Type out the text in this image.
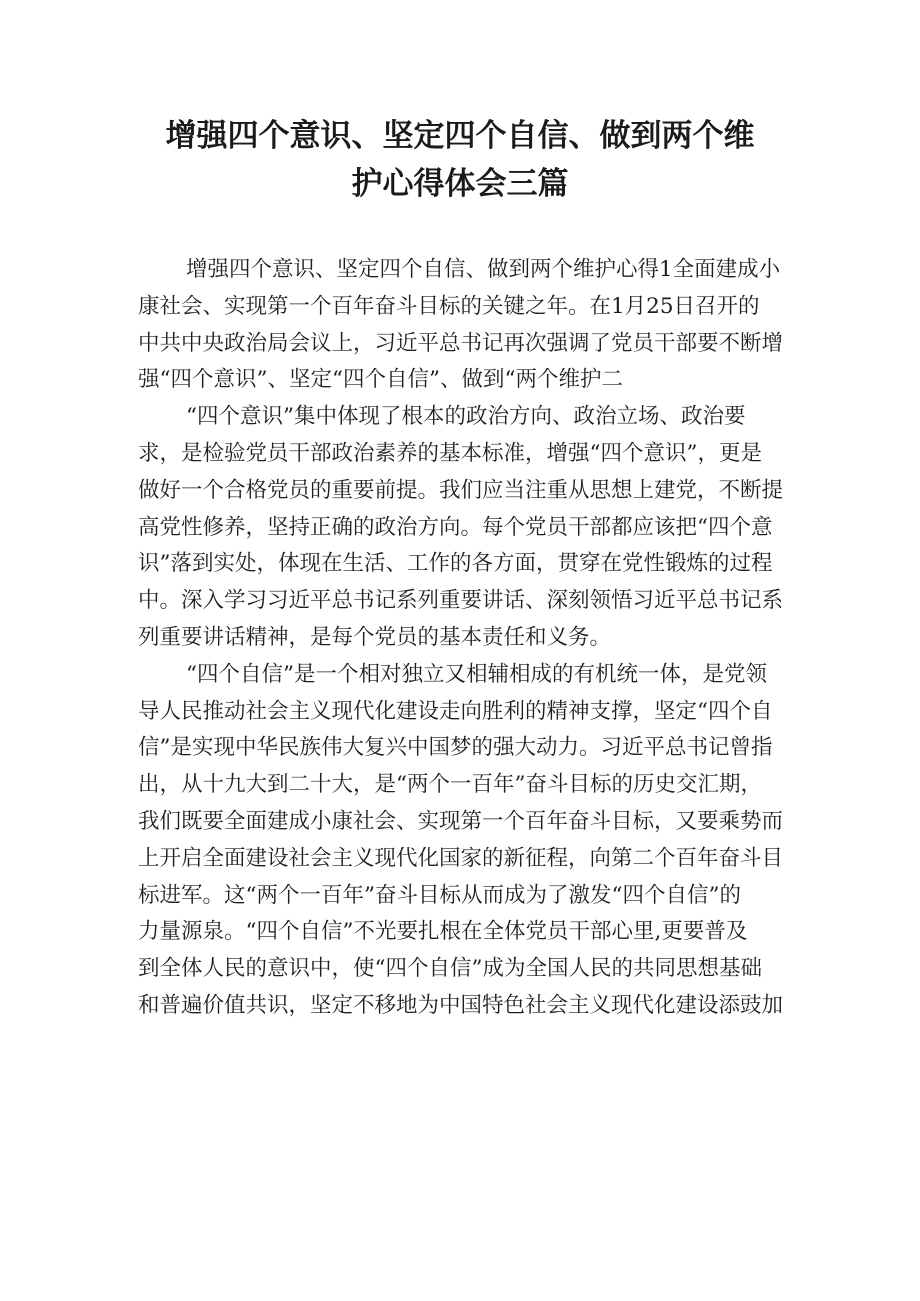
增强四个意识、坚定四个自信、做到两个维
护心得体会三篇

增强四个意识、坚定四个自信、做到两个维护心得1全面建成小
康社会、实现第一个百年奋斗目标的关键之年。在1月25日召开的
中共中央政治局会议上，习近平总书记再次强调了党员干部要不断增
强“四个意识”、坚定“四个自信”、做到“两个维护二

“四个意识”集中体现了根本的政治方向、政治立场、政治要
求，是检验党员干部政治素养的基本标准，增强“四个意识”，更是
做好一个合格党员的重要前提。我们应当注重从思想上建党，不断提
高党性修养，坚持正确的政治方向。每个党员干部都应该把“四个意
识”落到实处，体现在生活、工作的各方面，贯穿在党性锻炼的过程
中。深入学习习近平总书记系列重要讲话、深刻领悟习近平总书记系
列重要讲话精神，是每个党员的基本责任和义务。

“四个自信”是一个相对独立又相辅相成的有机统一体，是党领
导人民推动社会主义现代化建设走向胜利的精神支撑，坚定“四个自
信”是实现中华民族伟大复兴中国梦的强大动力。习近平总书记曾指
出，从十九大到二十大，是“两个一百年”奋斗目标的历史交汇期，
我们既要全面建成小康社会、实现第一个百年奋斗目标，又要乘势而
上开启全面建设社会主义现代化国家的新征程，向第二个百年奋斗目
标进军。这“两个一百年”奋斗目标从而成为了激发“四个自信”的
力量源泉。“四个自信”不光要扎根在全体党员干部心里,更要普及
到全体人民的意识中，使“四个自信”成为全国人民的共同思想基础
和普遍价值共识，坚定不移地为中国特色社会主义现代化建设添豉加
